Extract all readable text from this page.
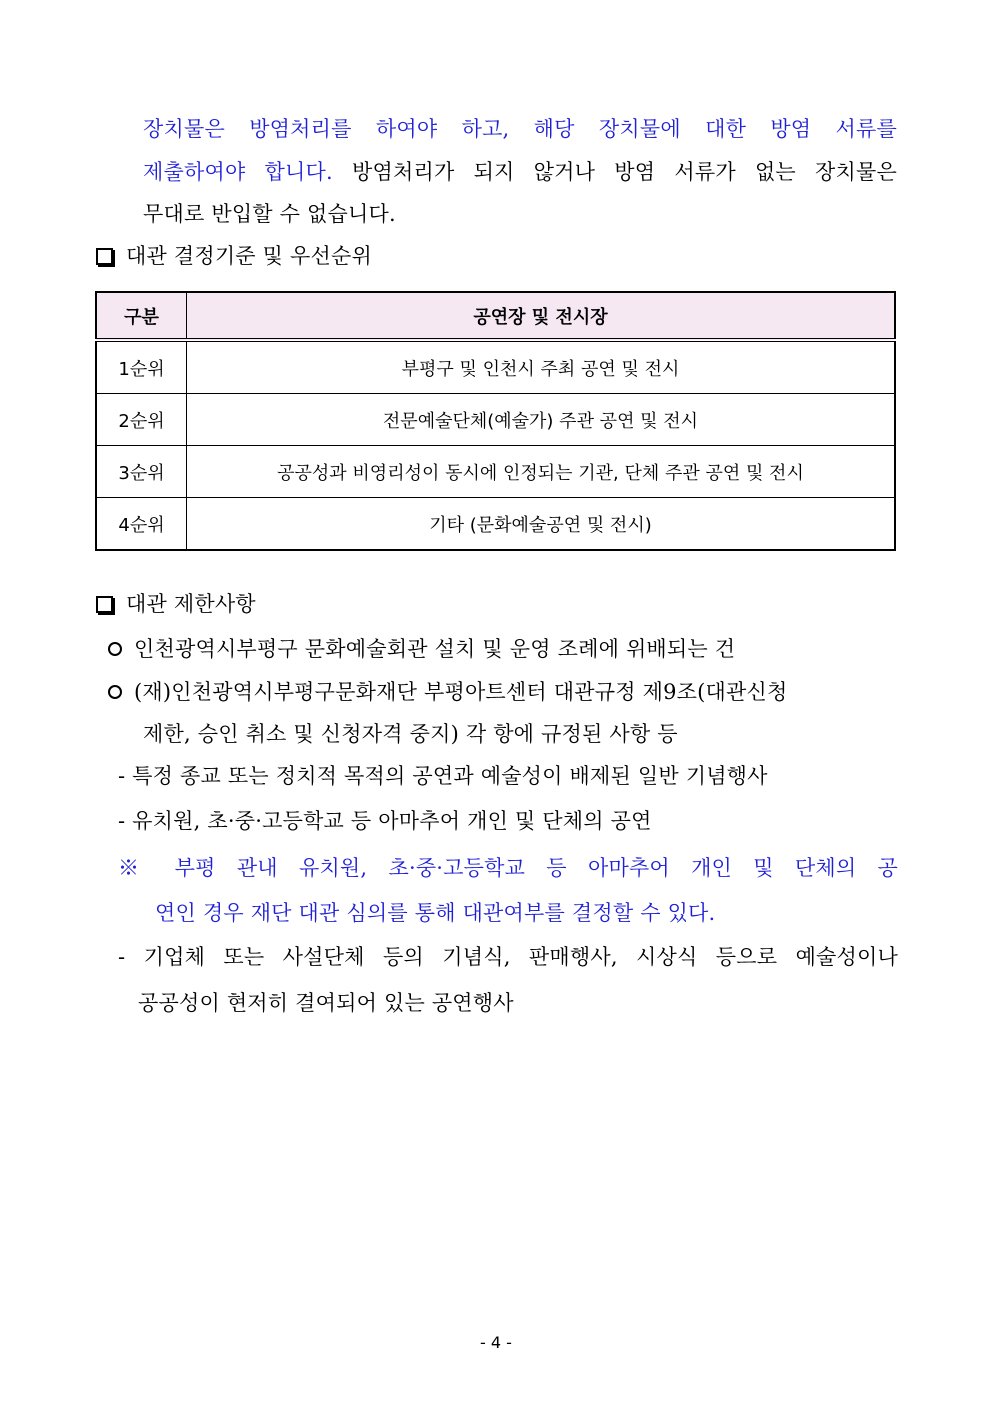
장치물은 방염처리를 하여야 하고, 해당 장치물에 대한 방염 서류를
제출하여야 합니다. 방염처리가 되지 않거나 방염 서류가 없는 장치물은
무대로 반입할 수 없습니다.
대관 결정기준 및 우선순위
구분	공연장 및 전시장
1순위	부평구 및 인천시 주최 공연 및 전시
2순위	전문예술단체(예술가) 주관 공연 및 전시
3순위	공공성과 비영리성이 동시에 인정되는 기관, 단체 주관 공연 및 전시
4순위	기타 (문화예술공연 및 전시)
대관 제한사항
인천광역시부평구 문화예술회관 설치 및 운영 조례에 위배되는 건
(재)인천광역시부평구문화재단 부평아트센터 대관규정 제9조(대관신청
제한, 승인 취소 및 신청자격 중지) 각 항에 규정된 사항 등
- 특정 종교 또는 정치적 목적의 공연과 예술성이 배제된 일반 기념행사
- 유치원, 초·중·고등학교 등 아마추어 개인 및 단체의 공연
※ 부평 관내 유치원, 초·중·고등학교 등 아마추어 개인 및 단체의 공
연인 경우 재단 대관 심의를 통해 대관여부를 결정할 수 있다.
- 기업체 또는 사설단체 등의 기념식, 판매행사, 시상식 등으로 예술성이나
공공성이 현저히 결여되어 있는 공연행사
- 4 -
